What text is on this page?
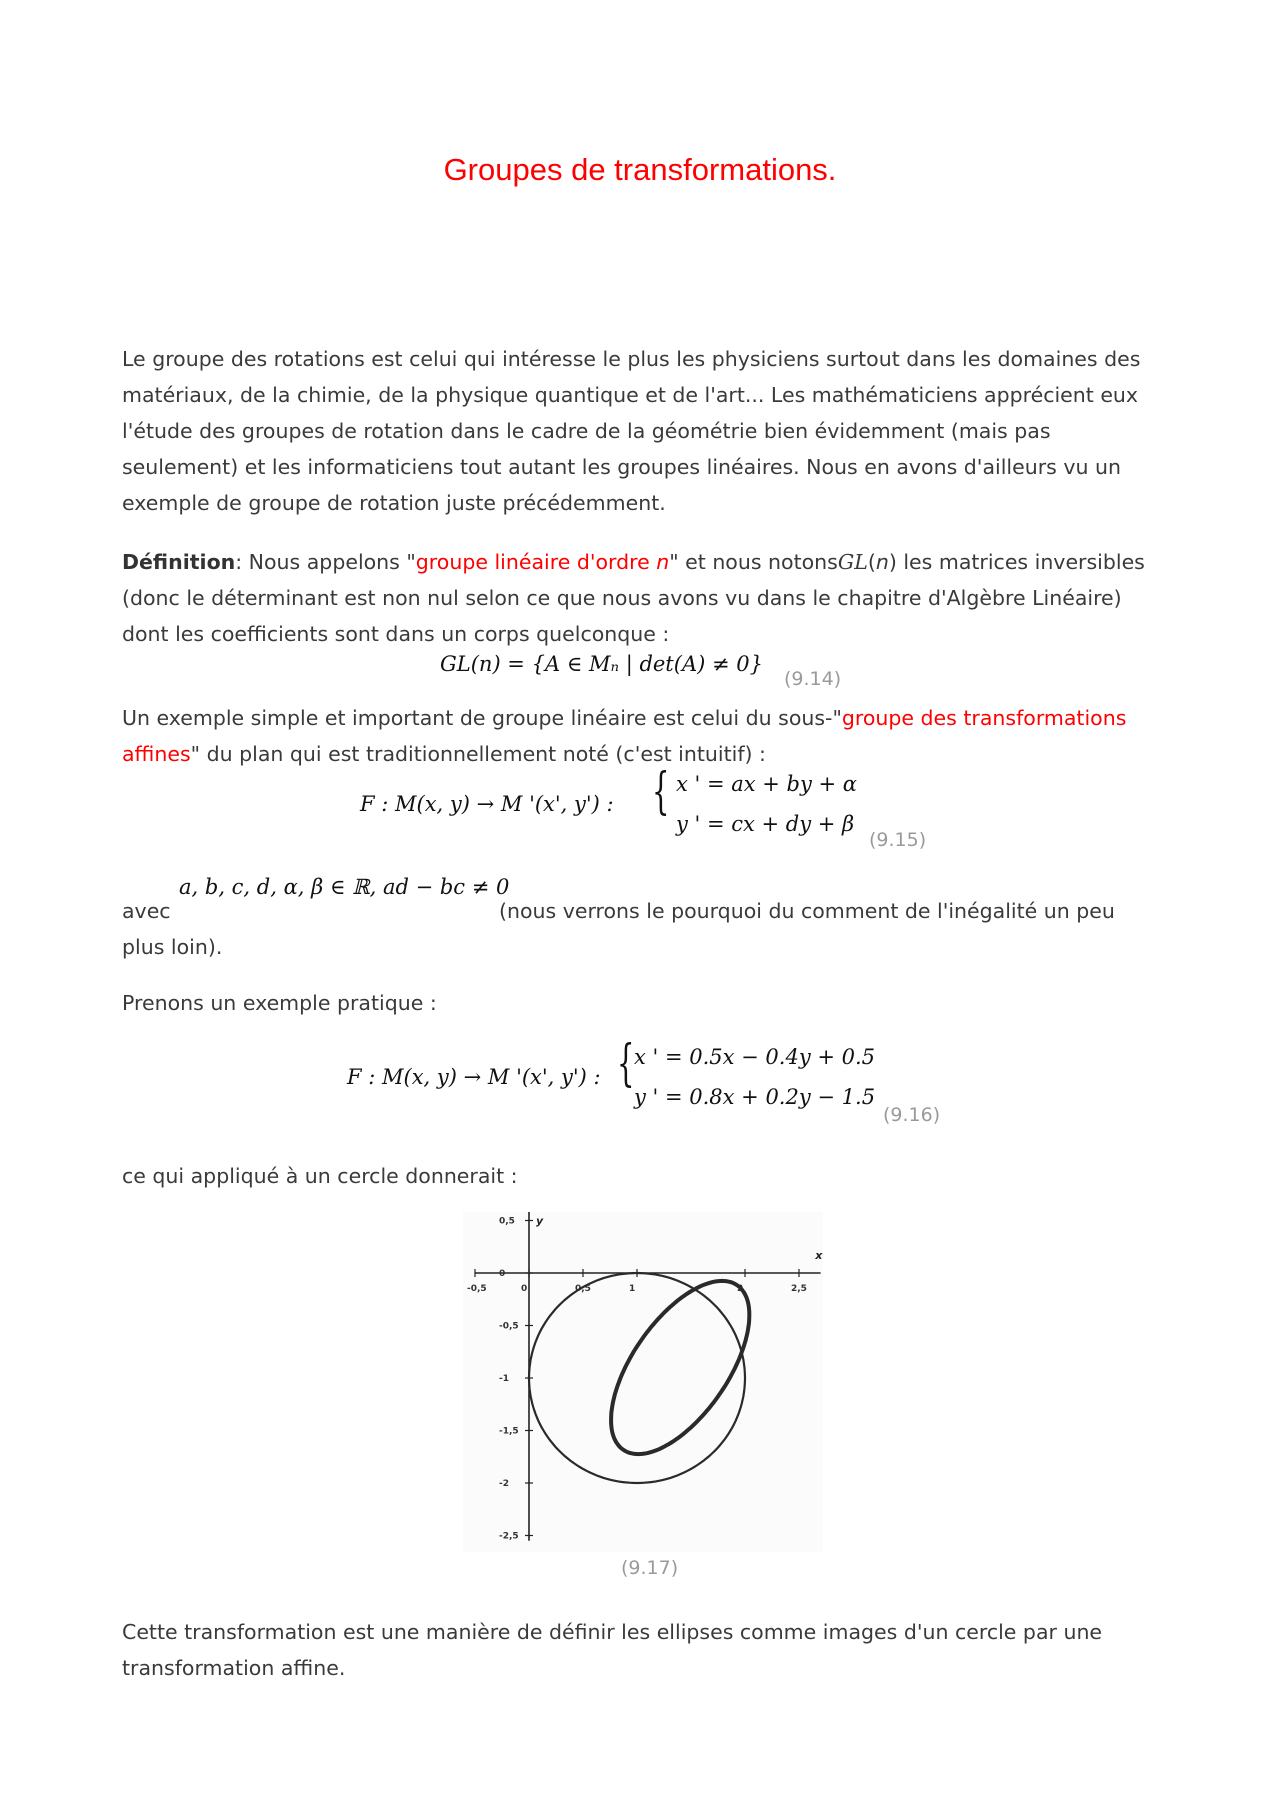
Groupes de transformations.

Le groupe des rotations est celui qui intéresse le plus les physiciens surtout dans les domaines des matériaux, de la chimie, de la physique quantique et de l'art... Les mathématiciens apprécient eux l'étude des groupes de rotation dans le cadre de la géométrie bien évidemment (mais pas seulement) et les informaticiens tout autant les groupes linéaires. Nous en avons d'ailleurs vu un exemple de groupe de rotation juste précédemment.

Définition: Nous appelons "groupe linéaire d'ordre n" et nous notonsGL(n) les matrices inversibles (donc le déterminant est non nul selon ce que nous avons vu dans le chapitre d'Algèbre Linéaire) dont les coefficients sont dans un corps quelconque :

GL(n) = {A ∈ Mₙ | det(A) ≠ 0}
(9.14)

Un exemple simple et important de groupe linéaire est celui du sous-"groupe des transformations affines" du plan qui est traditionnellement noté (c'est intuitif) :

F : M(x, y) → M '(x', y') : { x ' = ax + by + α
y ' = cx + dy + β
(9.15)
avec
a, b, c, d, α, β ∈ ℝ, ad − bc ≠ 0
(nous verrons le pourquoi du comment de l'inégalité un peu
plus loin).
Prenons un exemple pratique :
F : M(x, y) → M '(x', y') : { x ' = 0.5x − 0.4y + 0.5
y ' = 0.8x + 0.2y − 1.5
(9.16)
ce qui appliqué à un cercle donnerait :
-0,5	0	0,5	1	2	2,5
0,5
0
-0,5
-1
-1,5
-2
-2,5
x
y
(9.17)

Cette transformation est une manière de définir les ellipses comme images d'un cercle par une transformation affine.
